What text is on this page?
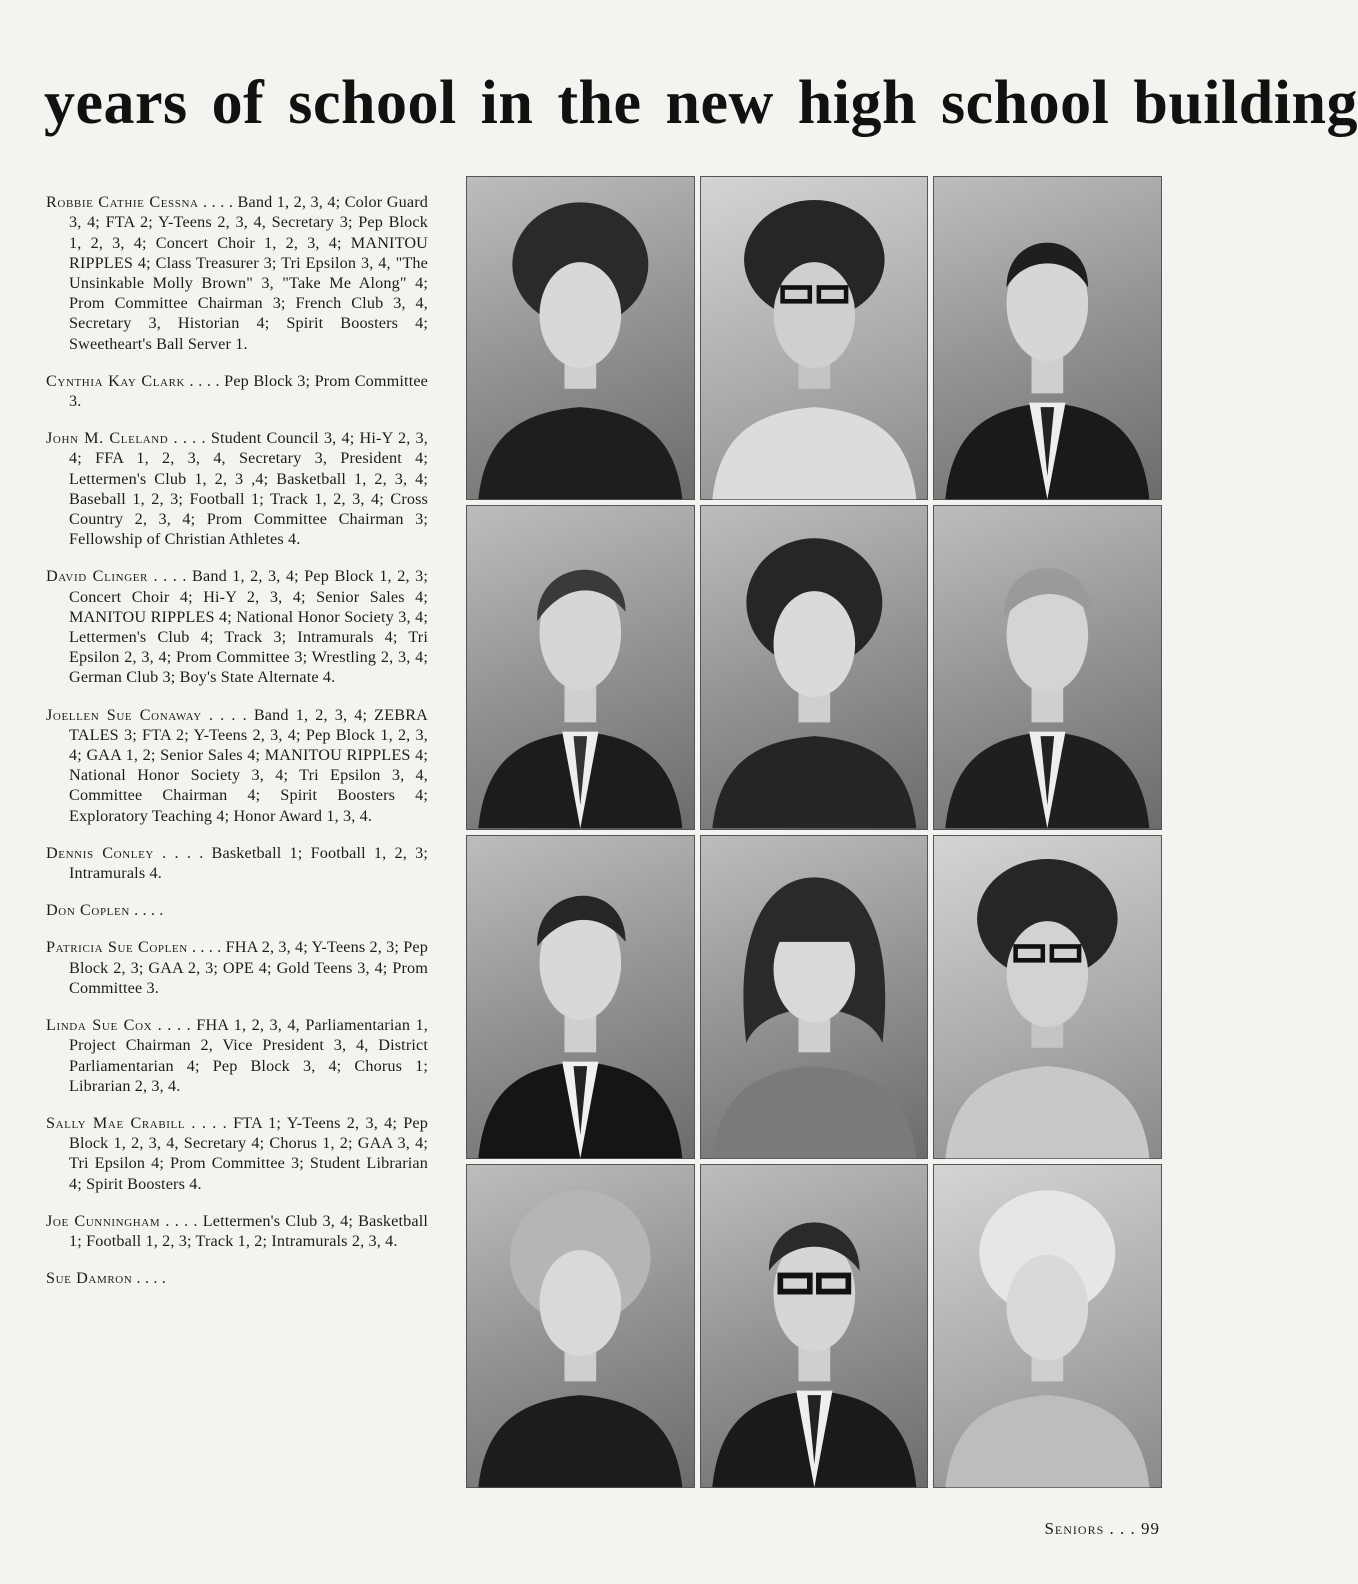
years of school in the new high school building

Robbie Cathie Cessna . . . . Band 1, 2, 3, 4; Color Guard 3, 4; FTA 2; Y-Teens 2, 3, 4, Secretary 3; Pep Block 1, 2, 3, 4; Concert Choir 1, 2, 3, 4; MANITOU RIPPLES 4; Class Treasurer 3; Tri Epsilon 3, 4, "The Unsinkable Molly Brown" 3, "Take Me Along" 4; Prom Committee Chairman 3; French Club 3, 4, Secretary 3, Historian 4; Spirit Boosters 4; Sweetheart's Ball Server 1.

Cynthia Kay Clark . . . . Pep Block 3; Prom Committee 3.

John M. Cleland . . . . Student Council 3, 4; Hi-Y 2, 3, 4; FFA 1, 2, 3, 4, Secretary 3, President 4; Lettermen's Club 1, 2, 3 ,4; Basketball 1, 2, 3, 4; Baseball 1, 2, 3; Football 1; Track 1, 2, 3, 4; Cross Country 2, 3, 4; Prom Committee Chairman 3; Fellowship of Christian Athletes 4.

David Clinger . . . . Band 1, 2, 3, 4; Pep Block 1, 2, 3; Concert Choir 4; Hi-Y 2, 3, 4; Senior Sales 4; MANITOU RIPPLES 4; National Honor Society 3, 4; Lettermen's Club 4; Track 3; Intramurals 4; Tri Epsilon 2, 3, 4; Prom Committee 3; Wrestling 2, 3, 4; German Club 3; Boy's State Alternate 4.

Joellen Sue Conaway . . . . Band 1, 2, 3, 4; ZEBRA TALES 3; FTA 2; Y-Teens 2, 3, 4; Pep Block 1, 2, 3, 4; GAA 1, 2; Senior Sales 4; MANITOU RIPPLES 4; National Honor Society 3, 4; Tri Epsilon 3, 4, Committee Chairman 4; Spirit Boosters 4; Exploratory Teaching 4; Honor Award 1, 3, 4.

Dennis Conley . . . . Basketball 1; Football 1, 2, 3; Intramurals 4.

Don Coplen . . . .

Patricia Sue Coplen . . . . FHA 2, 3, 4; Y-Teens 2, 3; Pep Block 2, 3; GAA 2, 3; OPE 4; Gold Teens 3, 4; Prom Committee 3.

Linda Sue Cox . . . . FHA 1, 2, 3, 4, Parliamentarian 1, Project Chairman 2, Vice President 3, 4, District Parliamentarian 4; Pep Block 3, 4; Chorus 1; Librarian 2, 3, 4.

Sally Mae Crabill . . . . FTA 1; Y-Teens 2, 3, 4; Pep Block 1, 2, 3, 4, Secretary 4; Chorus 1, 2; GAA 3, 4; Tri Epsilon 4; Prom Committee 3; Student Librarian 4; Spirit Boosters 4.

Joe Cunningham . . . . Lettermen's Club 3, 4; Basketball 1; Football 1, 2, 3; Track 1, 2; Intramurals 2, 3, 4.

Sue Damron . . . .

Seniors . . . 99
